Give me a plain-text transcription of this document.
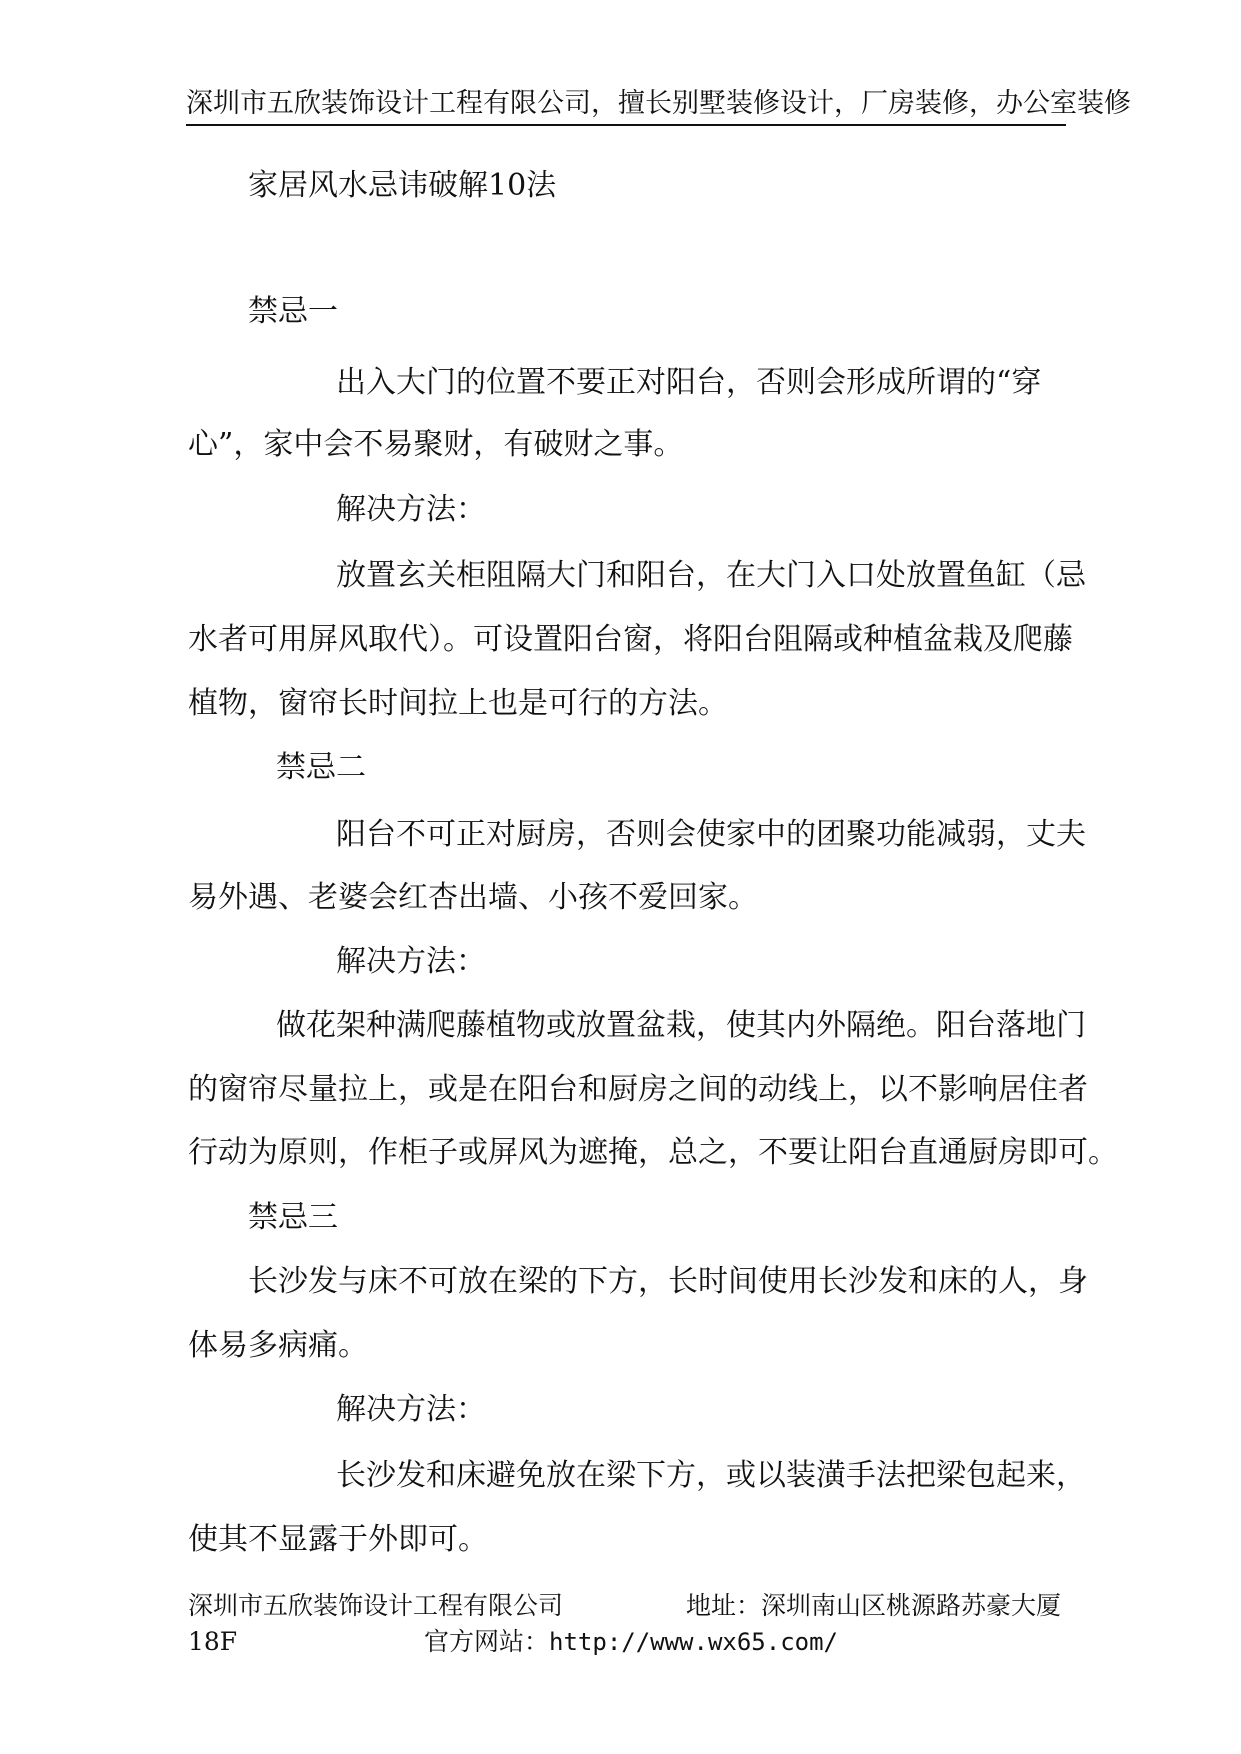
深圳市五欣装饰设计工程有限公司，擅长别墅装修设计，厂房装修，办公室装修
家居风水忌讳破解10法
禁忌一
出入大门的位置不要正对阳台，否则会形成所谓的“穿
心”，家中会不易聚财，有破财之事。
解决方法：
放置玄关柜阻隔大门和阳台，在大门入口处放置鱼缸（忌
水者可用屏风取代）。可设置阳台窗，将阳台阻隔或种植盆栽及爬藤
植物，窗帘长时间拉上也是可行的方法。
禁忌二
阳台不可正对厨房，否则会使家中的团聚功能减弱，丈夫
易外遇、老婆会红杏出墙、小孩不爱回家。
解决方法：
做花架种满爬藤植物或放置盆栽，使其内外隔绝。阳台落地门
的窗帘尽量拉上，或是在阳台和厨房之间的动线上，以不影响居住者
行动为原则，作柜子或屏风为遮掩，总之，不要让阳台直通厨房即可。
禁忌三
长沙发与床不可放在梁的下方，长时间使用长沙发和床的人，身
体易多病痛。
解决方法：
长沙发和床避免放在梁下方，或以装潢手法把梁包起来，
使其不显露于外即可。
深圳市五欣装饰设计工程有限公司	地址：深圳南山区桃源路苏豪大厦
18F	官方网站：http://www.wx65.com/
